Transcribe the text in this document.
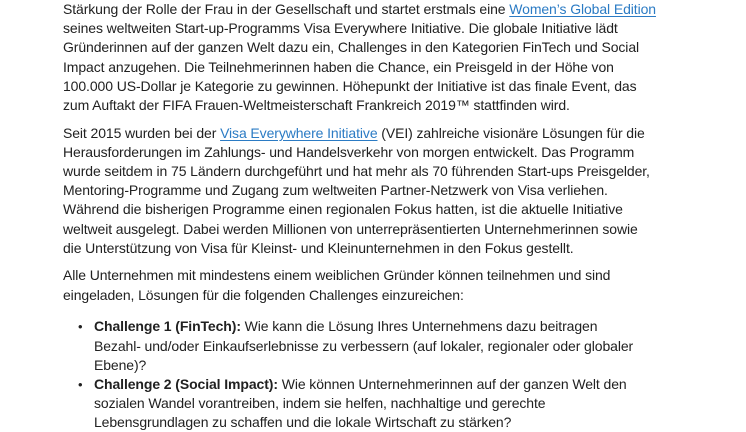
Stärkung der Rolle der Frau in der Gesellschaft und startet erstmals eine Women’s Global Edition
seines weltweiten Start-up-Programms Visa Everywhere Initiative. Die globale Initiative lädt
Gründerinnen auf der ganzen Welt dazu ein, Challenges in den Kategorien FinTech und Social
Impact anzugehen. Die Teilnehmerinnen haben die Chance, ein Preisgeld in der Höhe von
100.000 US-Dollar je Kategorie zu gewinnen. Höhepunkt der Initiative ist das finale Event, das
zum Auftakt der FIFA Frauen-Weltmeisterschaft Frankreich 2019™ stattfinden wird.

Seit 2015 wurden bei der Visa Everywhere Initiative (VEI) zahlreiche visionäre Lösungen für die
Herausforderungen im Zahlungs- und Handelsverkehr von morgen entwickelt. Das Programm
wurde seitdem in 75 Ländern durchgeführt und hat mehr als 70 führenden Start-ups Preisgelder,
Mentoring-Programme und Zugang zum weltweiten Partner-Netzwerk von Visa verliehen.
Während die bisherigen Programme einen regionalen Fokus hatten, ist die aktuelle Initiative
weltweit ausgelegt. Dabei werden Millionen von unterrepräsentierten Unternehmerinnen sowie
die Unterstützung von Visa für Kleinst- und Kleinunternehmen in den Fokus gestellt.

Alle Unternehmen mit mindestens einem weiblichen Gründer können teilnehmen und sind
eingeladen, Lösungen für die folgenden Challenges einzureichen:

• Challenge 1 (FinTech): Wie kann die Lösung Ihres Unternehmens dazu beitragen
Bezahl- und/oder Einkaufserlebnisse zu verbessern (auf lokaler, regionaler oder globaler
Ebene)?
• Challenge 2 (Social Impact): Wie können Unternehmerinnen auf der ganzen Welt den
sozialen Wandel vorantreiben, indem sie helfen, nachhaltige und gerechte
Lebensgrundlagen zu schaffen und die lokale Wirtschaft zu stärken?
